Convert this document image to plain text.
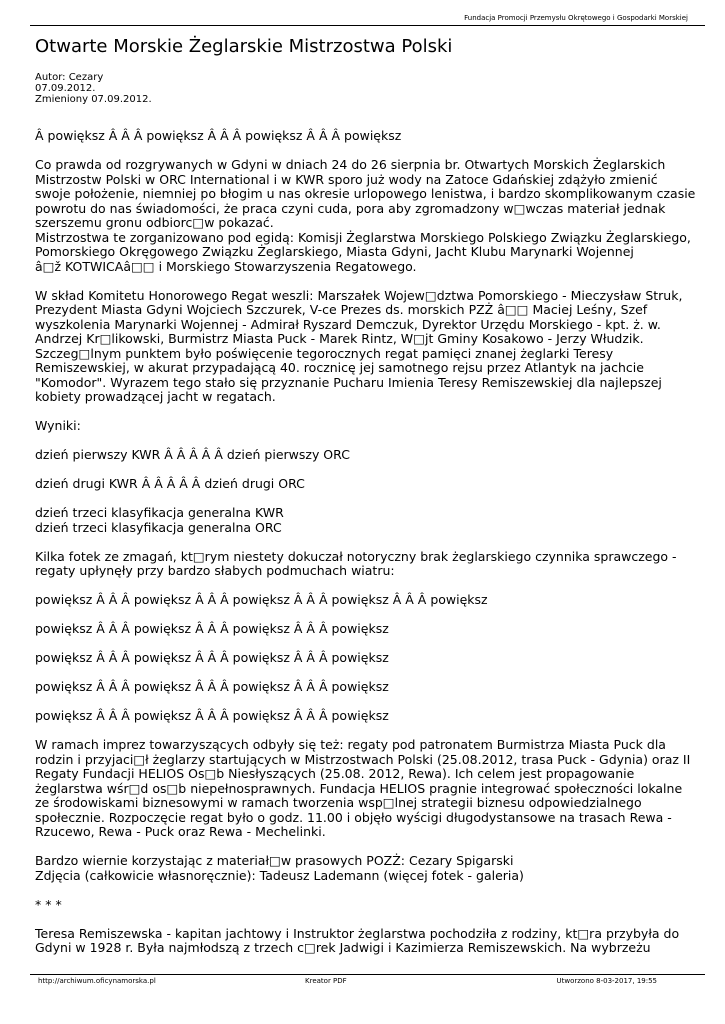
Fundacja Promocji Przemysłu Okrętowego i Gospodarki Morskiej
Otwarte Morskie Żeglarskie Mistrzostwa Polski
Autor: Cezary
07.09.2012.
Zmieniony 07.09.2012.

Â powiększ Â Â Â powiększ Â Â Â powiększ Â Â Â powiększ

Co prawda od rozgrywanych w Gdyni w dniach 24 do 26 sierpnia br. Otwartych Morskich Żeglarskich
Mistrzostw Polski w ORC International i w KWR sporo już wody na Zatoce Gdańskiej zdążyło zmienić
swoje położenie, niemniej po błogim u nas okresie urlopowego lenistwa, i bardzo skomplikowanym czasie
powrotu do nas świadomości, że praca czyni cuda, pora aby zgromadzony w□wczas materiał jednak
szerszemu gronu odbiorc□w pokazać.
Mistrzostwa te zorganizowano pod egidą: Komisji Żeglarstwa Morskiego Polskiego Związku Żeglarskiego,
Pomorskiego Okręgowego Związku Żeglarskiego, Miasta Gdyni, Jacht Klubu Marynarki Wojennej
â□ž KOTWICAâ□□ i Morskiego Stowarzyszenia Regatowego.

W skład Komitetu Honorowego Regat weszli: Marszałek Wojew□dztwa Pomorskiego - Mieczysław Struk,
Prezydent Miasta Gdyni Wojciech Szczurek, V-ce Prezes ds. morskich PZŻ â□□ Maciej Leśny, Szef
wyszkolenia Marynarki Wojennej - Admirał Ryszard Demczuk, Dyrektor Urzędu Morskiego - kpt. ż. w.
Andrzej Kr□likowski, Burmistrz Miasta Puck - Marek Rintz, W□jt Gminy Kosakowo - Jerzy Włudzik.
Szczeg□lnym punktem było poświęcenie tegorocznych regat pamięci znanej żeglarki Teresy
Remiszewskiej, w akurat przypadającą 40. rocznicę jej samotnego rejsu przez Atlantyk na jachcie
"Komodor". Wyrazem tego stało się przyznanie Pucharu Imienia Teresy Remiszewskiej dla najlepszej
kobiety prowadzącej jacht w regatach.

Wyniki:

dzień pierwszy KWR Â Â Â Â Â dzień pierwszy ORC

dzień drugi KWR Â Â Â Â Â dzień drugi ORC

dzień trzeci klasyfikacja generalna KWR
dzień trzeci klasyfikacja generalna ORC

Kilka fotek ze zmagań, kt□rym niestety dokuczał notoryczny brak żeglarskiego czynnika sprawczego -
regaty upłynęły przy bardzo słabych podmuchach wiatru:

powiększ Â Â Â powiększ Â Â Â powiększ Â Â Â powiększ Â Â Â powiększ

powiększ Â Â Â powiększ Â Â Â powiększ Â Â Â powiększ

powiększ Â Â Â powiększ Â Â Â powiększ Â Â Â powiększ

powiększ Â Â Â powiększ Â Â Â powiększ Â Â Â powiększ

powiększ Â Â Â powiększ Â Â Â powiększ Â Â Â powiększ

W ramach imprez towarzyszących odbyły się też: regaty pod patronatem Burmistrza Miasta Puck dla
rodzin i przyjaci□ł żeglarzy startujących w Mistrzostwach Polski (25.08.2012, trasa Puck - Gdynia) oraz II
Regaty Fundacji HELIOS Os□b Niesłyszących (25.08. 2012, Rewa). Ich celem jest propagowanie
żeglarstwa wśr□d os□b niepełnosprawnych. Fundacja HELIOS pragnie integrować społeczności lokalne
ze środowiskami biznesowymi w ramach tworzenia wsp□lnej strategii biznesu odpowiedzialnego
społecznie. Rozpoczęcie regat było o godz. 11.00 i objęło wyścigi długodystansowe na trasach Rewa -
Rzucewo, Rewa - Puck oraz Rewa - Mechelinki.

Bardzo wiernie korzystając z materiał□w prasowych POZŻ: Cezary Spigarski
Zdjęcia (całkowicie własnoręcznie): Tadeusz Lademann (więcej fotek - galeria)

* * *

Teresa Remiszewska - kapitan jachtowy i Instruktor żeglarstwa pochodziła z rodziny, kt□ra przybyła do
Gdyni w 1928 r. Była najmłodszą z trzech c□rek Jadwigi i Kazimierza Remiszewskich. Na wybrzeżu

http://archiwum.oficynamorska.pl	Kreator PDF	Utworzono 8-03-2017, 19:55
